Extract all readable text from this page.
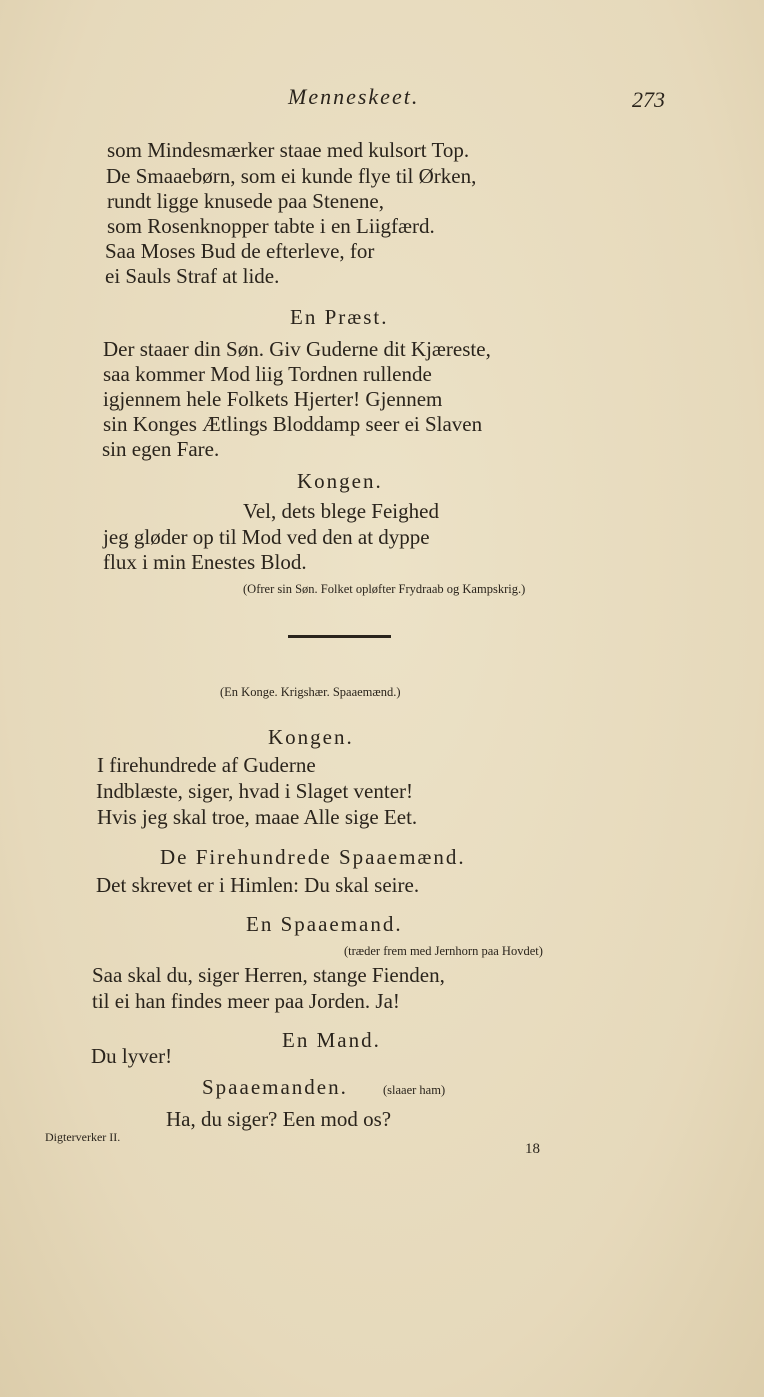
Menneskeet.	273
som Mindesmærker staae med kulsort Top.
De Smaaebørn, som ei kunde flye til Ørken,
rundt ligge knusede paa Stenene,
som Rosenknopper tabte i en Liigfærd.
Saa Moses Bud de efterleve, for
ei Sauls Straf at lide.
En Præst.
Der staaer din Søn. Giv Guderne dit Kjæreste,
saa kommer Mod liig Tordnen rullende
igjennem hele Folkets Hjerter! Gjennem
sin Konges Ætlings Bloddamp seer ei Slaven
sin egen Fare.
Kongen.
Vel, dets blege Feighed
jeg gløder op til Mod ved den at dyppe
flux i min Enestes Blod.
(Ofrer sin Søn. Folket opløfter Frydraab og Kampskrig.)
(En Konge. Krigshær. Spaaemænd.)
Kongen.
I firehundrede af Guderne
Indblæste, siger, hvad i Slaget venter!
Hvis jeg skal troe, maae Alle sige Eet.
De Firehundrede Spaaemænd.
Det skrevet er i Himlen: Du skal seire.
En Spaaemand.
(træder frem med Jernhorn paa Hovdet)
Saa skal du, siger Herren, stange Fienden,
til ei han findes meer paa Jorden. Ja!
En Mand.
Du lyver!
Spaaemanden.	(slaaer ham)
Ha, du siger? Een mod os?
Digterverker II.
18
